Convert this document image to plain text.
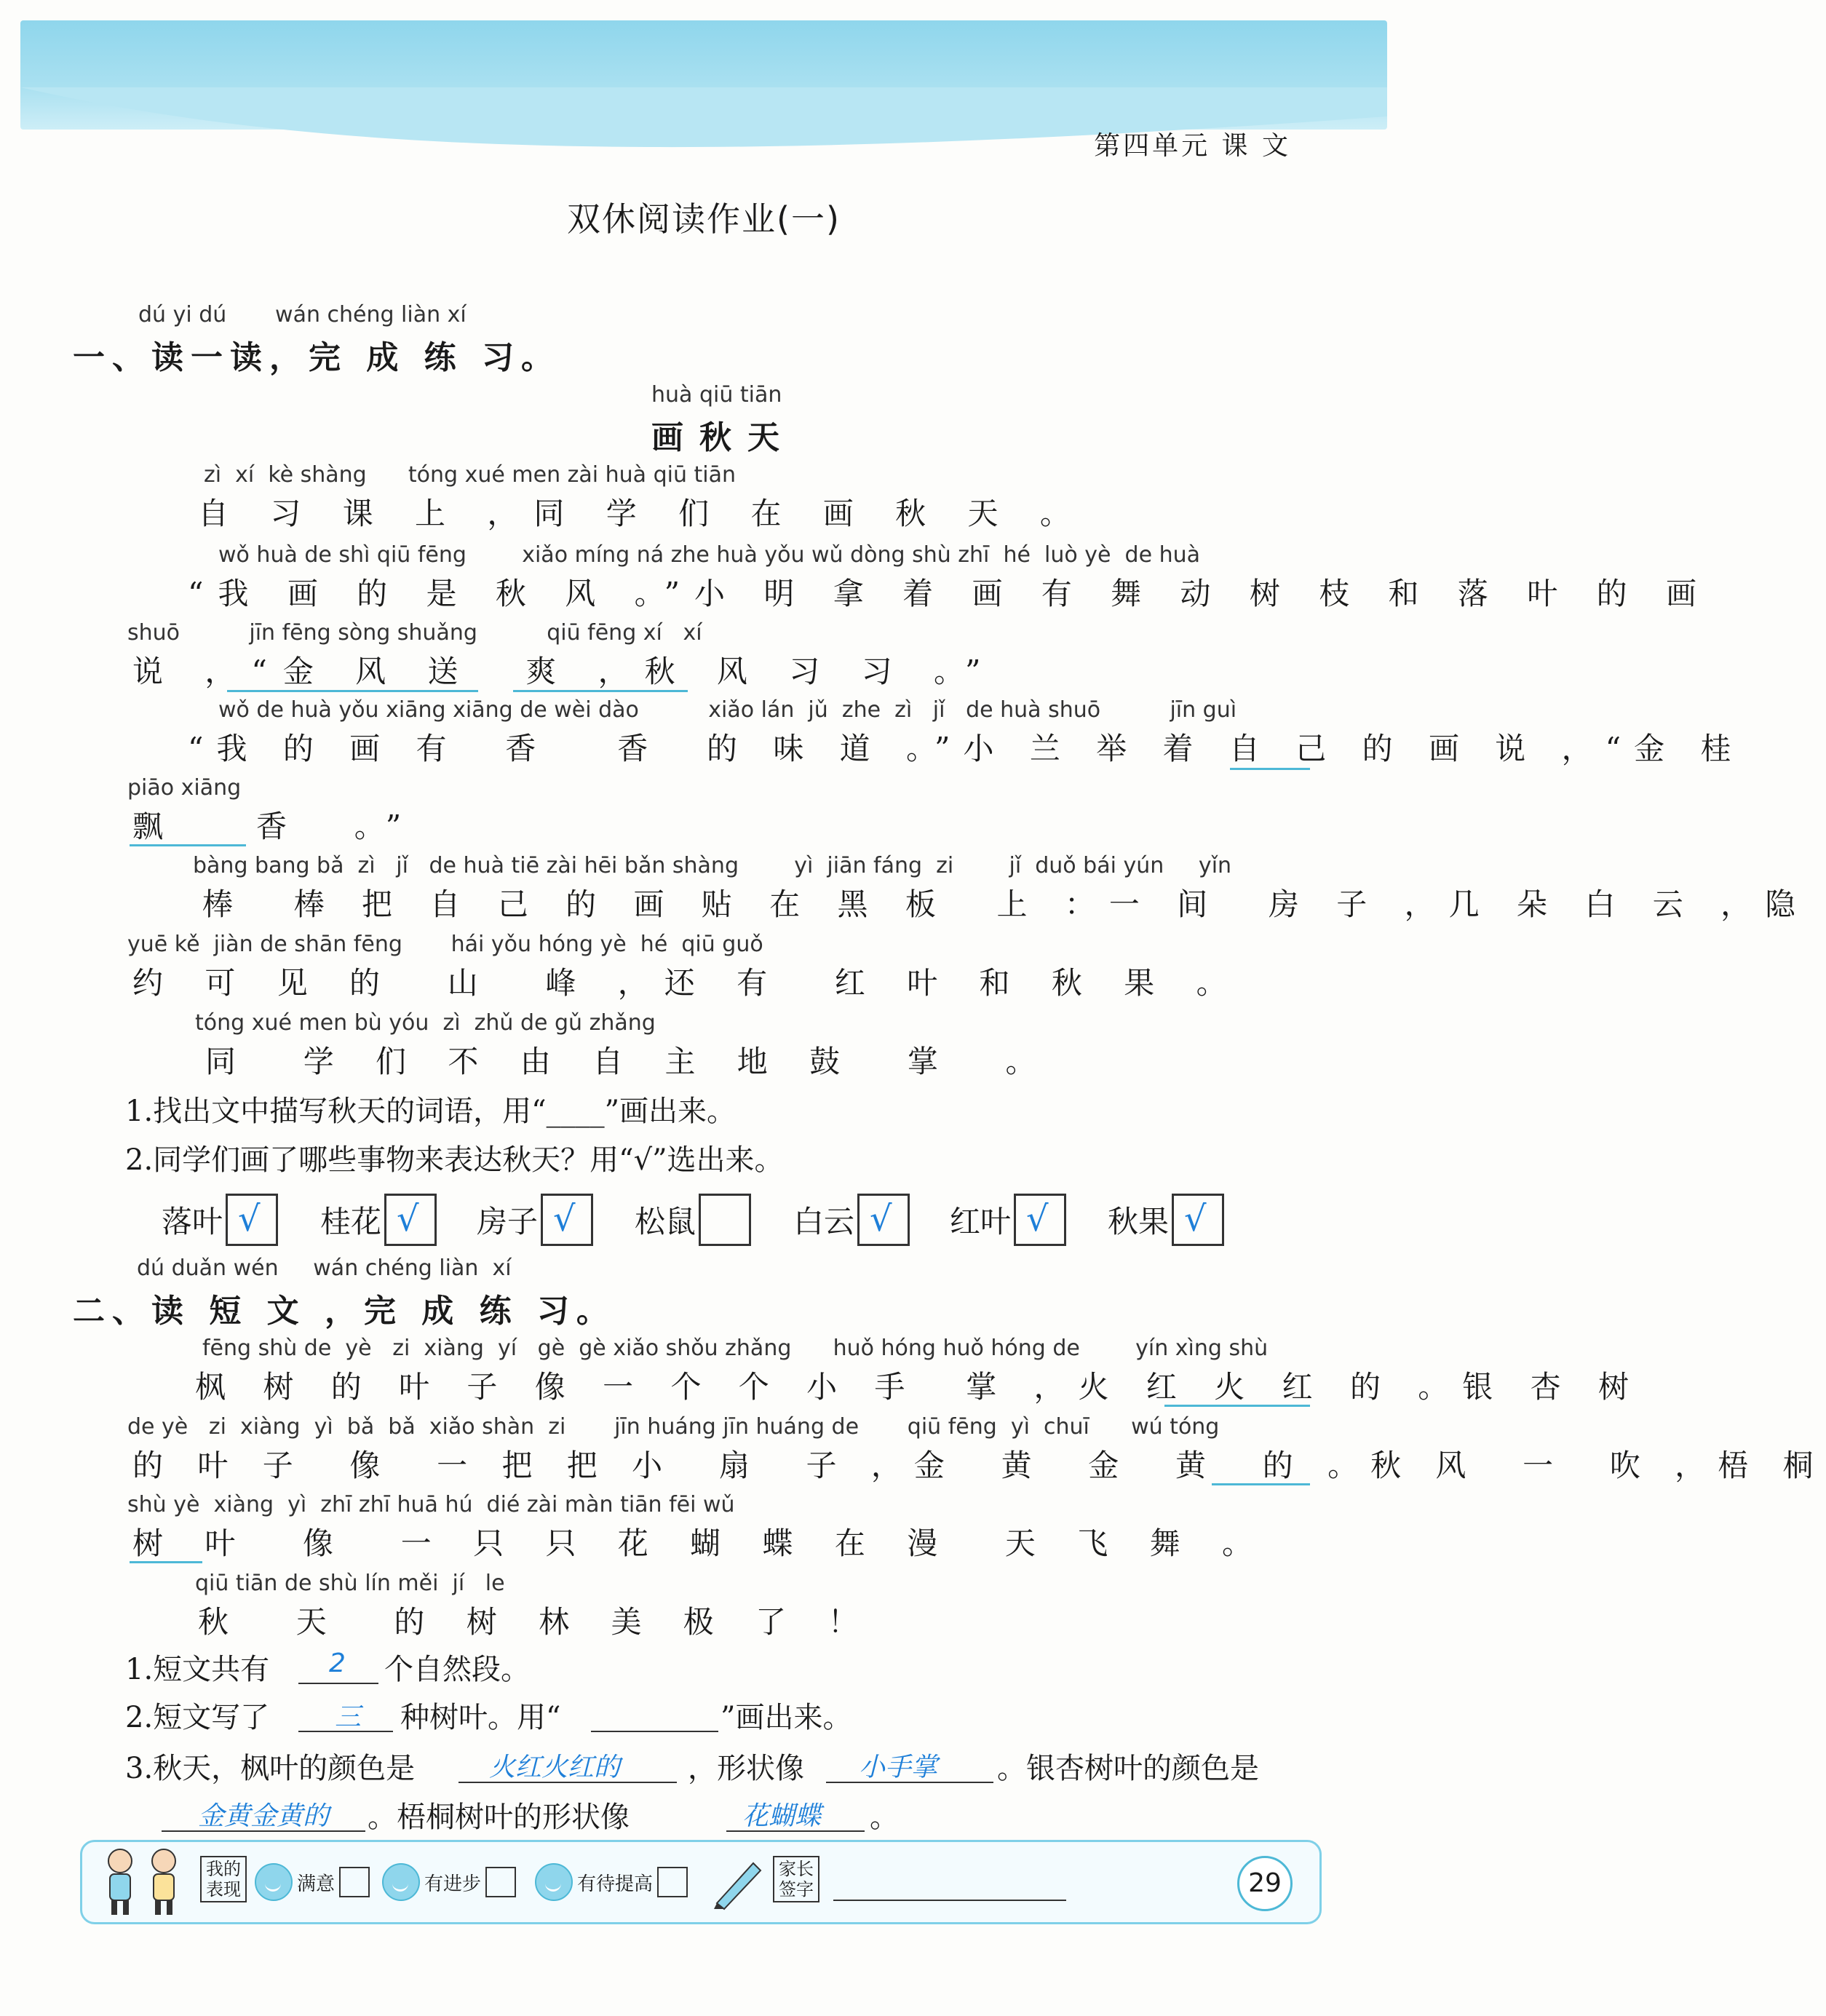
第四单元 课 文
双休阅读作业(一)
dú yi dú       wán chéng liàn xí
一、读一读，完 成 练 习。
huà qiū tiān
画秋天
zì  xí  kè shàng      tóng xué men zài huà qiū tiān
自 习 课 上 ，同 学 们 在 画 秋 天 。
wǒ huà de shì qiū fēng        xiǎo míng ná zhe huà yǒu wǔ dòng shù zhī  hé  luò yè  de huà
“我 画 的 是 秋 风 。”小 明 拿 着 画 有 舞 动 树 枝 和 落 叶 的 画
shuō          jīn fēng sòng shuǎng          qiū fēng xí   xí
说 ，“金 风 送  爽 ，秋 风 习 习 。”
wǒ de huà yǒu xiāng xiāng de wèi dào          xiǎo lán  jǔ  zhe  zì   jǐ   de huà shuō          jīn guì
“我 的 画 有  香   香  的 味 道 。”小 兰 举 着 自 己 的 画 说 ，“金 桂
piāo xiāng
飘   香  。”
bàng bang bǎ  zì   jǐ   de huà tiē zài hēi bǎn shàng        yì  jiān fáng  zi        jǐ  duǒ bái yún     yǐn
棒  棒 把 自 己 的 画 贴 在 黑 板  上 ：一 间  房 子 ，几 朵 白 云 ，隐
yuē kě  jiàn de shān fēng       hái yǒu hóng yè  hé  qiū guǒ
约 可 见 的  山  峰 ，还 有  红 叶 和 秋 果 。
tóng xué men bù yóu  zì  zhǔ de gǔ zhǎng
同  学 们 不 由 自 主 地 鼓  掌  。
1.找出文中描写秋天的词语，用“____”画出来。
2.同学们画了哪些事物来表达秋天？用“√”选出来。
落叶 √ 桂花 √ 房子 √ 松鼠	白云 √ 红叶 √ 秋果 √
dú duǎn wén     wán chéng liàn  xí
二、读 短 文 ，完 成 练 习。
fēng shù de  yè   zi  xiàng  yí   gè  gè xiǎo shǒu zhǎng      huǒ hóng huǒ hóng de        yín xìng shù
枫 树 的 叶 子 像 一 个 个 小 手  掌 ，火 红 火 红 的 。银 杏 树
de yè   zi  xiàng  yì  bǎ  bǎ  xiǎo shàn  zi       jīn huáng jīn huáng de       qiū fēng  yì  chuī      wú tóng
的 叶 子  像  一 把 把 小  扇  子 ，金  黄  金  黄  的 。秋 风  一  吹 ，梧 桐
shù yè  xiàng  yì  zhī zhī huā hú  dié zài màn tiān fēi wǔ
树 叶  像  一 只 只 花 蝴 蝶 在 漫  天 飞 舞 。
qiū tiān de shù lín měi  jí   le
秋  天  的 树 林 美 极 了 ！
1.短文共有 2 个自然段。
2.短文写了 三 种树叶。用“	”画出来。
3.秋天，枫叶的颜色是	火红火红的 ，形状像 小手掌 。银杏树叶的颜色是
金黄金黄的 。梧桐树叶的形状像	花蝴蝶 。
我的表现	满意	有进步	有待提高
家长签字	29
